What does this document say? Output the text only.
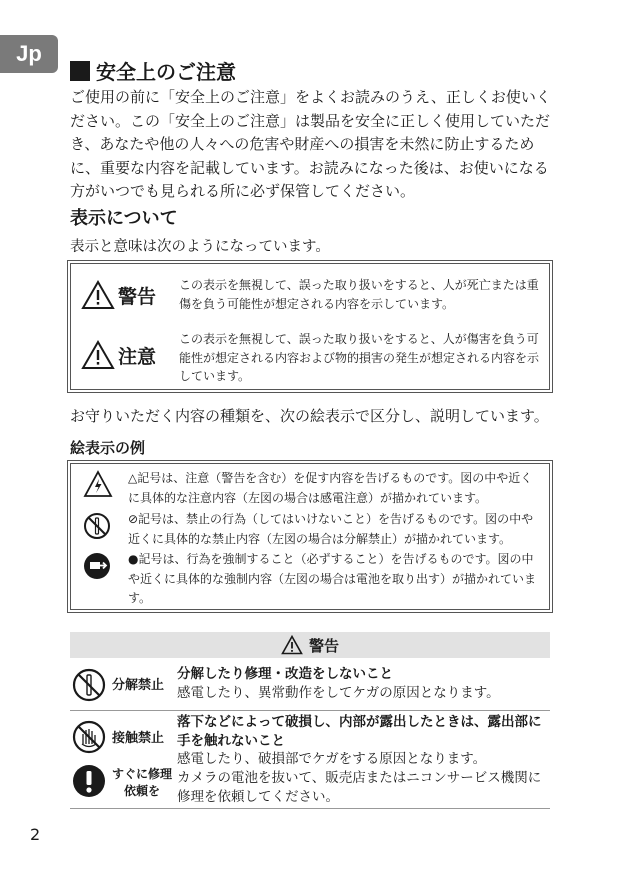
Jp
安全上のご注意
ご使用の前に「安全上のご注意」をよくお読みのうえ、正しくお使いください。この「安全上のご注意」は製品を安全に正しく使用していただき、あなたや他の人々への危害や財産への損害を未然に防止するために、重要な内容を記載しています。お読みになった後は、お使いになる方がいつでも見られる所に必ず保管してください。
表示について
表示と意味は次のようになっています。
警告
この表示を無視して、誤った取り扱いをすると、人が死亡または重傷を負う可能性が想定される内容を示しています。
注意
この表示を無視して、誤った取り扱いをすると、人が傷害を負う可能性が想定される内容および物的損害の発生が想定される内容を示しています。
お守りいただく内容の種類を、次の絵表示で区分し、説明しています。
絵表示の例
△記号は、注意（警告を含む）を促す内容を告げるものです。図の中や近くに具体的な注意内容（左図の場合は感電注意）が描かれています。
⊘記号は、禁止の行為（してはいけないこと）を告げるものです。図の中や近くに具体的な禁止内容（左図の場合は分解禁止）が描かれています。
●記号は、行為を強制すること（必ずすること）を告げるものです。図の中や近くに具体的な強制内容（左図の場合は電池を取り出す）が描かれています。
警告
分解禁止
分解したり修理・改造をしないこと
感電したり、異常動作をしてケガの原因となります。
接触禁止
落下などによって破損し、内部が露出したときは、露出部に手を触れないこと
感電したり、破損部でケガをする原因となります。
すぐに修理依頼を
カメラの電池を抜いて、販売店またはニコンサービス機関に修理を依頼してください。
2
